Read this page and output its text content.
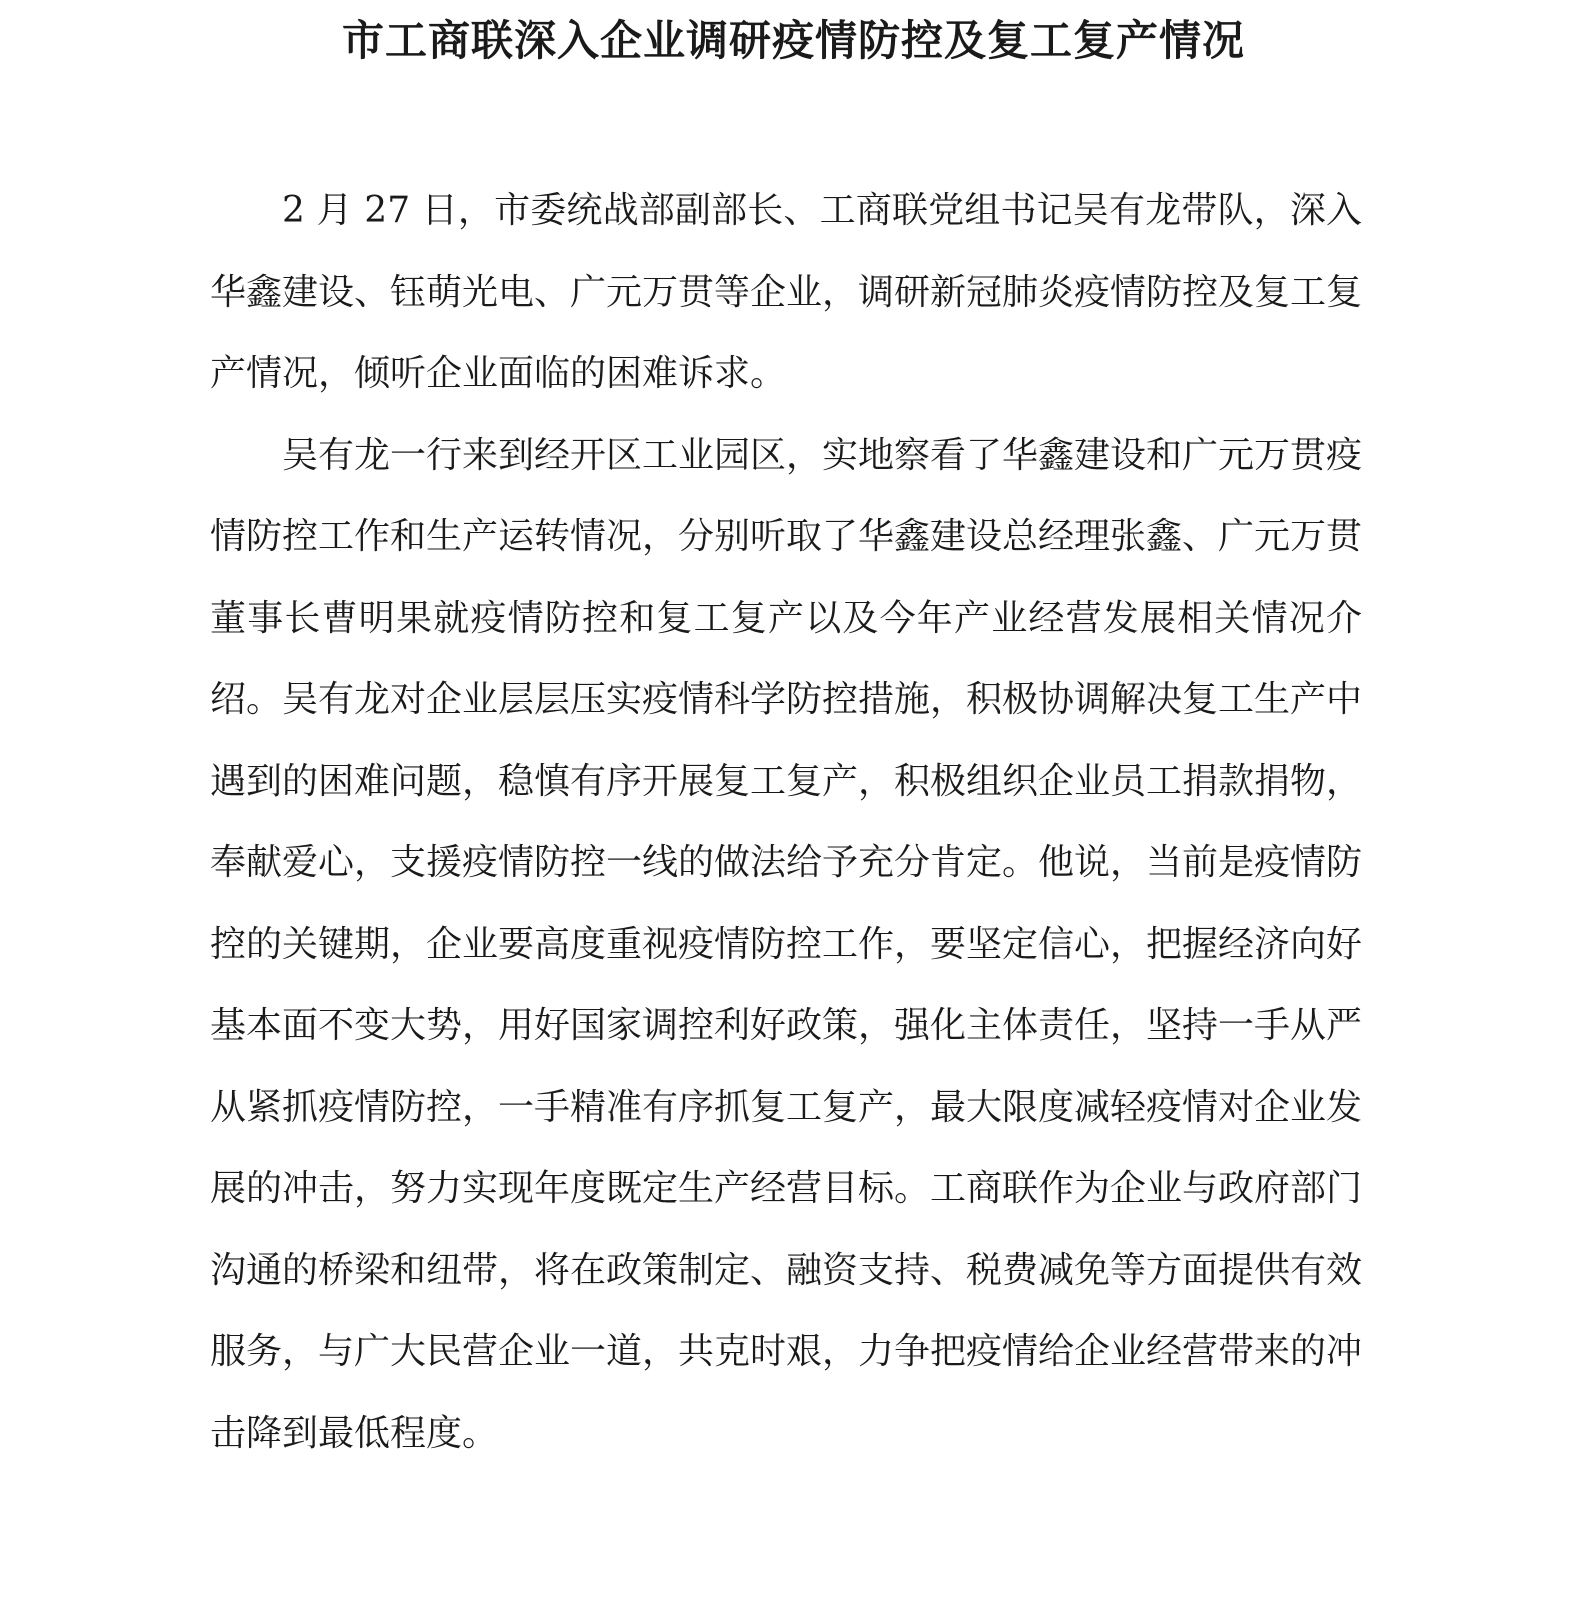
市工商联深入企业调研疫情防控及复工复产情况

2 月 27 日，市委统战部副部长、工商联党组书记吴有龙带队，深入华鑫建设、钰萌光电、广元万贯等企业，调研新冠肺炎疫情防控及复工复产情况，倾听企业面临的困难诉求。

吴有龙一行来到经开区工业园区，实地察看了华鑫建设和广元万贯疫情防控工作和生产运转情况，分别听取了华鑫建设总经理张鑫、广元万贯董事长曹明果就疫情防控和复工复产以及今年产业经营发展相关情况介绍。吴有龙对企业层层压实疫情科学防控措施，积极协调解决复工生产中遇到的困难问题，稳慎有序开展复工复产，积极组织企业员工捐款捐物，奉献爱心，支援疫情防控一线的做法给予充分肯定。他说，当前是疫情防控的关键期，企业要高度重视疫情防控工作，要坚定信心，把握经济向好基本面不变大势，用好国家调控利好政策，强化主体责任，坚持一手从严从紧抓疫情防控，一手精准有序抓复工复产，最大限度减轻疫情对企业发展的冲击，努力实现年度既定生产经营目标。工商联作为企业与政府部门沟通的桥梁和纽带，将在政策制定、融资支持、税费减免等方面提供有效服务，与广大民营企业一道，共克时艰，力争把疫情给企业经营带来的冲击降到最低程度。
